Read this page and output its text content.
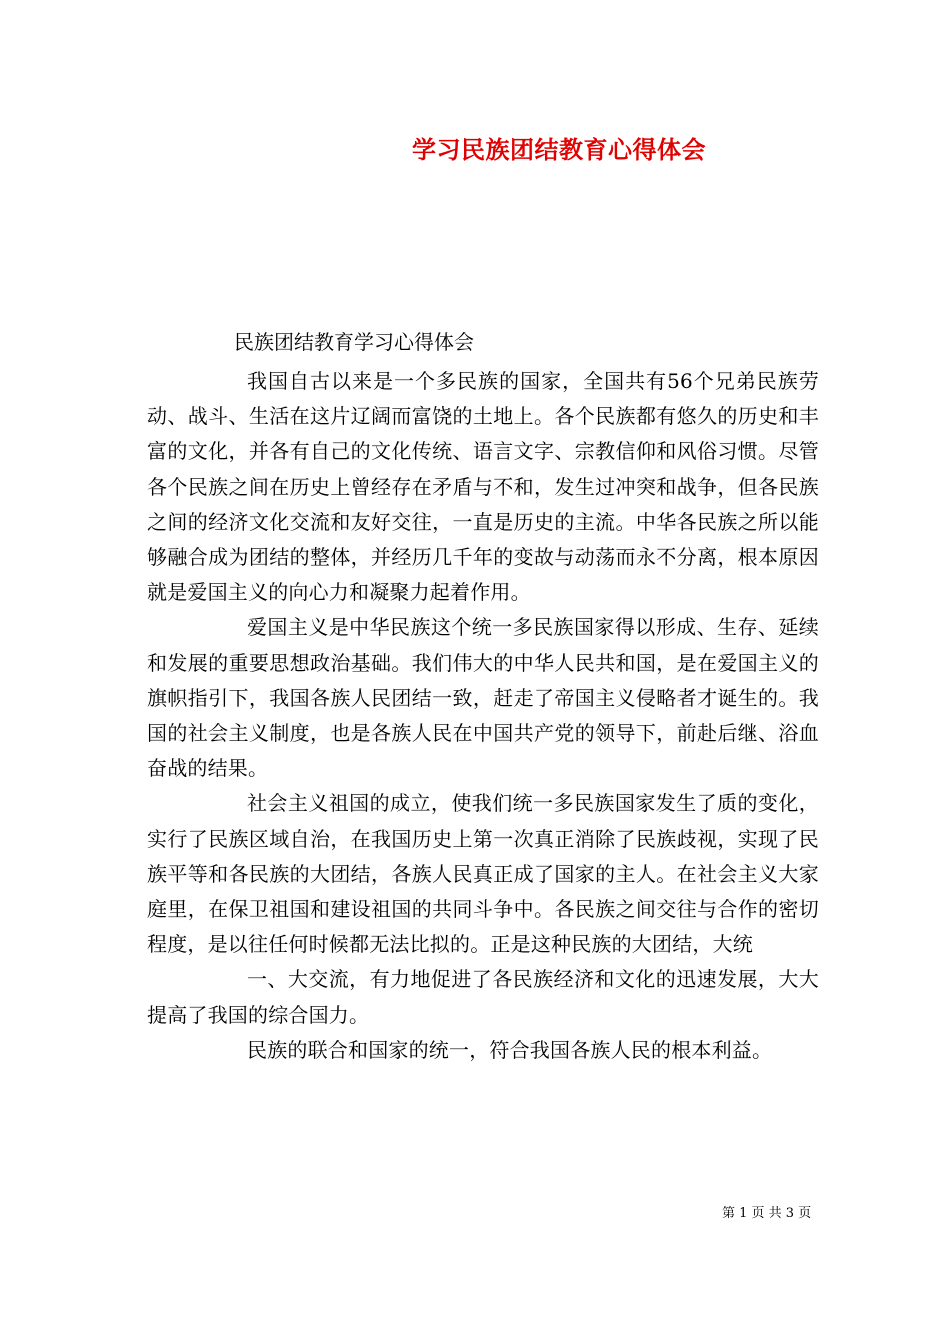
学习民族团结教育心得体会
民族团结教育学习心得体会

我国自古以来是一个多民族的国家，全国共有56个兄弟民族劳动、战斗、生活在这片辽阔而富饶的土地上。各个民族都有悠久的历史和丰富的文化，并各有自己的文化传统、语言文字、宗教信仰和风俗习惯。尽管各个民族之间在历史上曾经存在矛盾与不和，发生过冲突和战争，但各民族之间的经济文化交流和友好交往，一直是历史的主流。中华各民族之所以能够融合成为团结的整体，并经历几千年的变故与动荡而永不分离，根本原因就是爱国主义的向心力和凝聚力起着作用。

爱国主义是中华民族这个统一多民族国家得以形成、生存、延续和发展的重要思想政治基础。我们伟大的中华人民共和国，是在爱国主义的旗帜指引下，我国各族人民团结一致，赶走了帝国主义侵略者才诞生的。我国的社会主义制度，也是各族人民在中国共产党的领导下，前赴后继、浴血奋战的结果。

社会主义祖国的成立，使我们统一多民族国家发生了质的变化，实行了民族区域自治，在我国历史上第一次真正消除了民族歧视，实现了民族平等和各民族的大团结，各族人民真正成了国家的主人。在社会主义大家庭里，在保卫祖国和建设祖国的共同斗争中。各民族之间交往与合作的密切程度，是以往任何时候都无法比拟的。正是这种民族的大团结，大统

一、大交流，有力地促进了各民族经济和文化的迅速发展，大大提高了我国的综合国力。

民族的联合和国家的统一，符合我国各族人民的根本利益。

第 1 页 共 3 页
